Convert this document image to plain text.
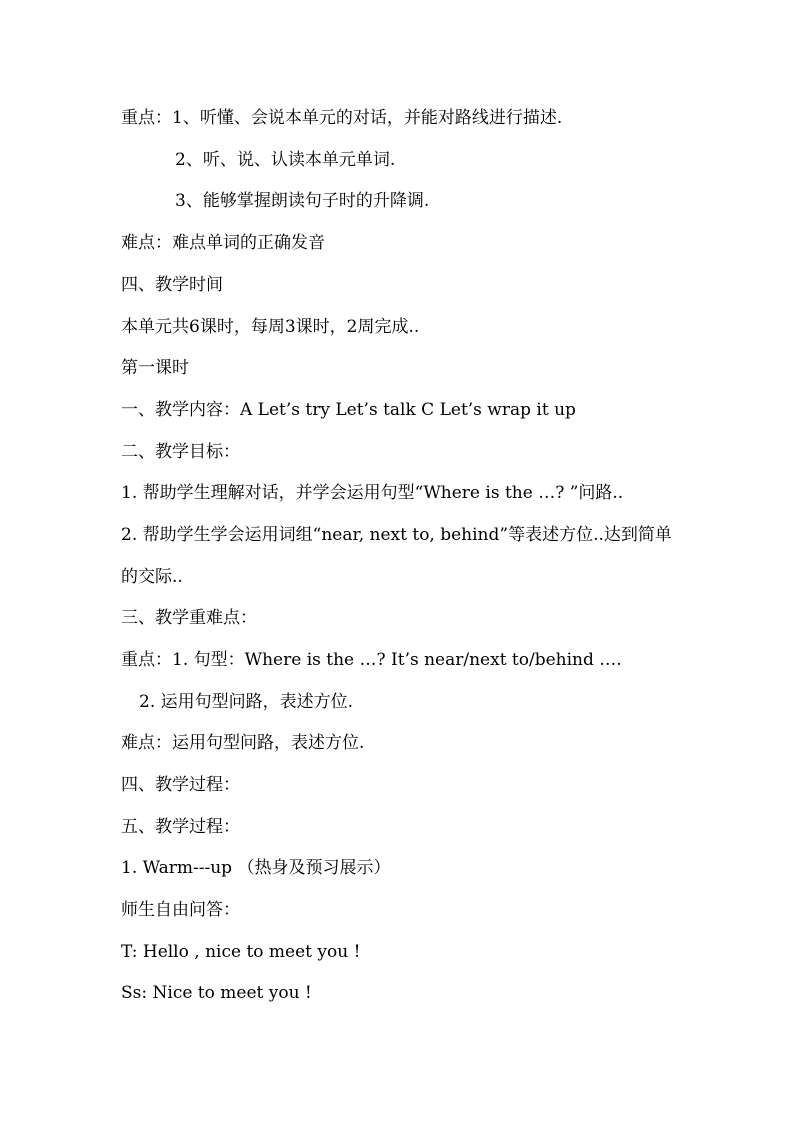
重点：1、听懂、会说本单元的对话，并能对路线进行描述.
2、听、说、认读本单元单词.
3、能够掌握朗读句子时的升降调.
难点：难点单词的正确发音
四、教学时间
本单元共6课时，每周3课时，2周完成..
第一课时
一、教学内容：A Let’s try Let’s talk C Let’s wrap it up
二、教学目标：
1. 帮助学生理解对话，并学会运用句型“Where is the …? ”问路..
2. 帮助学生学会运用词组“near, next to, behind”等表述方位..达到简单
的交际..
三、教学重难点：
重点：1. 句型：Where is the …? It’s near/next to/behind ….
2. 运用句型问路，表述方位.
难点：运用句型问路，表述方位.
四、教学过程：
五、教学过程：
1. Warm---up （热身及预习展示）
师生自由问答：
T: Hello , nice to meet you !
Ss: Nice to meet you !
